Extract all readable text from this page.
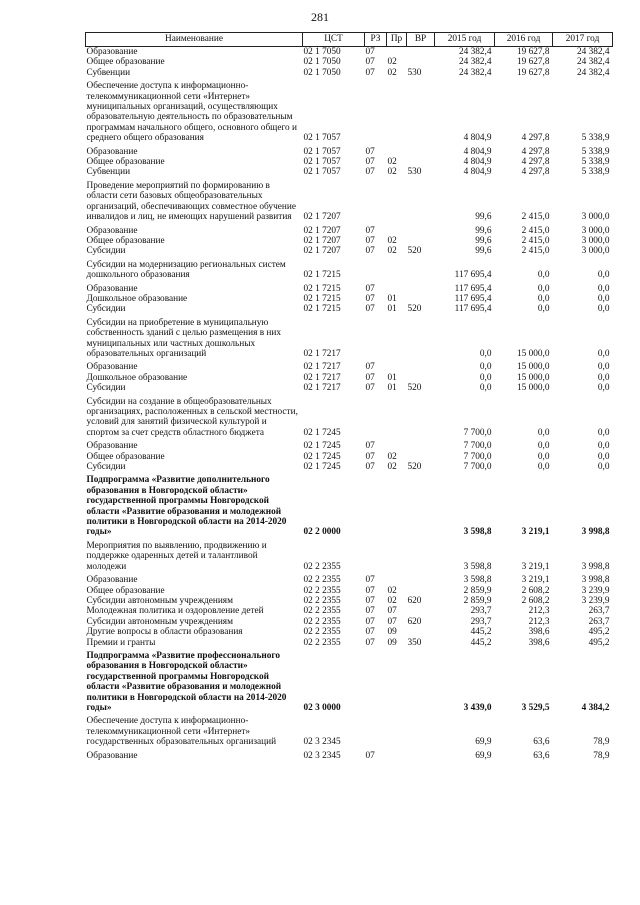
281
Наименование	ЦСТ	РЗ	Пр	ВР	2015 год	2016 год	2017 год
Образование	02 1 7050	07			24 382,4	19 627,8	24 382,4
Общее образование	02 1 7050	07	02		24 382,4	19 627,8	24 382,4
Субвенции	02 1 7050	07	02	530	24 382,4	19 627,8	24 382,4
Обеспечение доступа к информационно-телекоммуникационной сети «Интернет» муниципальных организаций, осуществляющих образовательную деятельность по образовательным программам начального общего, основного общего и среднего общего образования	02 1 7057				4 804,9	4 297,8	5 338,9
Образование	02 1 7057	07			4 804,9	4 297,8	5 338,9
Общее образование	02 1 7057	07	02		4 804,9	4 297,8	5 338,9
Субвенции	02 1 7057	07	02	530	4 804,9	4 297,8	5 338,9
Проведение мероприятий по формированию в области сети базовых общеобразовательных организаций, обеспечивающих совместное обучение инвалидов и лиц, не имеющих нарушений развития	02 1 7207				99,6	2 415,0	3 000,0
Образование	02 1 7207	07			99,6	2 415,0	3 000,0
Общее образование	02 1 7207	07	02		99,6	2 415,0	3 000,0
Субсидии	02 1 7207	07	02	520	99,6	2 415,0	3 000,0
Субсидии на модернизацию региональных систем дошкольного образования	02 1 7215				117 695,4	0,0	0,0
Образование	02 1 7215	07			117 695,4	0,0	0,0
Дошкольное образование	02 1 7215	07	01		117 695,4	0,0	0,0
Субсидии	02 1 7215	07	01	520	117 695,4	0,0	0,0
Субсидии на приобретение в муниципальную собственность зданий с целью размещения в них муниципальных или частных дошкольных образовательных организаций	02 1 7217				0,0	15 000,0	0,0
Образование	02 1 7217	07			0,0	15 000,0	0,0
Дошкольное образование	02 1 7217	07	01		0,0	15 000,0	0,0
Субсидии	02 1 7217	07	01	520	0,0	15 000,0	0,0
Субсидии на создание в общеобразовательных организациях, расположенных в сельской местности, условий для занятий физической культурой и спортом за счет средств областного бюджета	02 1 7245				7 700,0	0,0	0,0
Образование	02 1 7245	07			7 700,0	0,0	0,0
Общее образование	02 1 7245	07	02		7 700,0	0,0	0,0
Субсидии	02 1 7245	07	02	520	7 700,0	0,0	0,0
Подпрограмма «Развитие дополнительного образования в Новгородской области» государственной программы Новгородской области «Развитие образования и молодежной политики в Новгородской области на 2014-2020 годы»	02 2 0000				3 598,8	3 219,1	3 998,8
Мероприятия по выявлению, продвижению и поддержке одаренных детей и талантливой молодежи	02 2 2355				3 598,8	3 219,1	3 998,8
Образование	02 2 2355	07			3 598,8	3 219,1	3 998,8
Общее образование	02 2 2355	07	02		2 859,9	2 608,2	3 239,9
Субсидии автономным учреждениям	02 2 2355	07	02	620	2 859,9	2 608,2	3 239,9
Молодежная политика и оздоровление детей	02 2 2355	07	07		293,7	212,3	263,7
Субсидии автономным учреждениям	02 2 2355	07	07	620	293,7	212,3	263,7
Другие вопросы в области образования	02 2 2355	07	09		445,2	398,6	495,2
Премии и гранты	02 2 2355	07	09	350	445,2	398,6	495,2
Подпрограмма «Развитие профессионального образования в Новгородской области» государственной программы Новгородской области «Развитие образования и молодежной политики в Новгородской области на 2014-2020 годы»	02 3 0000				3 439,0	3 529,5	4 384,2
Обеспечение доступа к информационно-телекоммуникационной сети «Интернет» государственных образовательных организаций	02 3 2345				69,9	63,6	78,9
Образование	02 3 2345	07			69,9	63,6	78,9
